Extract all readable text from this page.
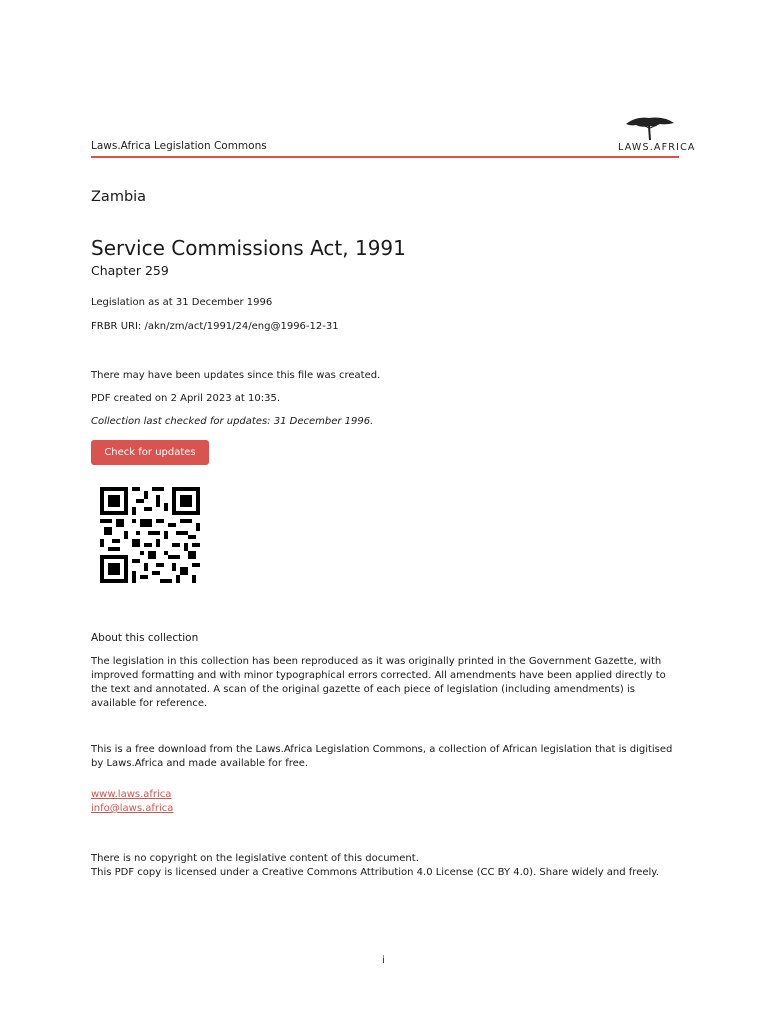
Laws.Africa Legislation Commons	LAWS.AFRICA
Zambia
Service Commissions Act, 1991
Chapter 259
Legislation as at 31 December 1996
FRBR URI: /akn/zm/act/1991/24/eng@1996-12-31
There may have been updates since this file was created.
PDF created on 2 April 2023 at 10:35.
Collection last checked for updates: 31 December 1996.
Check for updates
About this collection

The legislation in this collection has been reproduced as it was originally printed in the Government Gazette, with improved formatting and with minor typographical errors corrected. All amendments have been applied directly to the text and annotated. A scan of the original gazette of each piece of legislation (including amendments) is available for reference.

This is a free download from the Laws.Africa Legislation Commons, a collection of African legislation that is digitised by Laws.Africa and made available for free.

www.laws.africa
info@laws.africa
There is no copyright on the legislative content of this document.
This PDF copy is licensed under a Creative Commons Attribution 4.0 License (CC BY 4.0). Share widely and freely.
i
